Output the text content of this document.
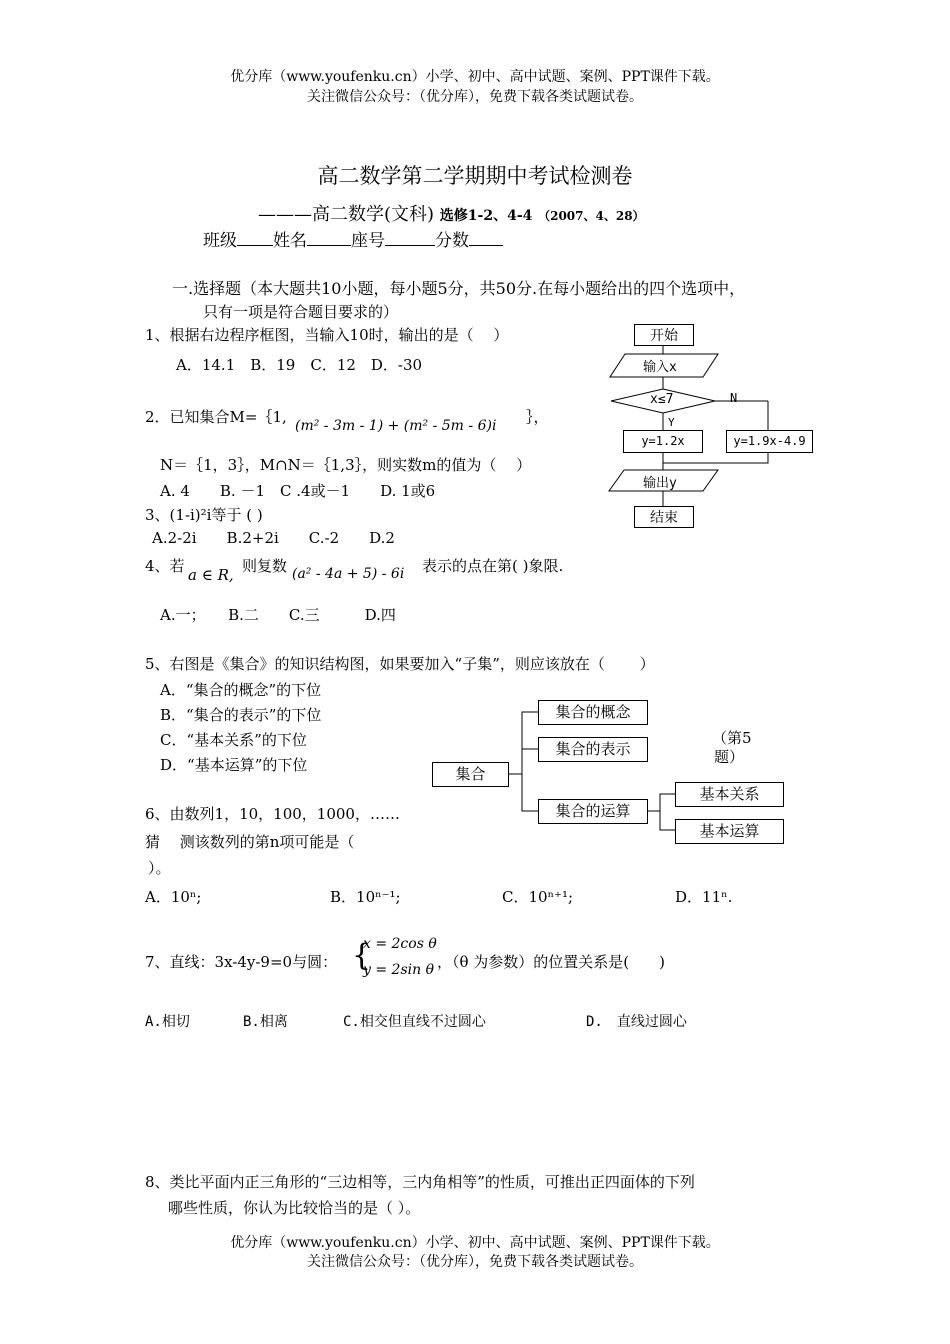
优分库（www.youfenku.cn）小学、初中、高中试题、案例、PPT课件下载。
关注微信公众号：（优分库），免费下载各类试题试卷。
高二数学第二学期期中考试检测卷
———高二数学(文科) 选修1-2、4-4 （2007、4、28）
班级 姓名	座号	分数
一.选择题（本大题共10小题，每小题5分，共50分.在每小题给出的四个选项中，
只有一项是符合题目要求的）
1、根据右边程序框图，当输入10时，输出的是（　 ）
A．14.1　B．19　C．12　D．-30
2．已知集合M=｛1, (m² - 3m - 1) + (m² - 5m - 6)i ｝，
N＝｛1，3｝，M∩N＝｛1,3｝，则实数m的值为（　 ）
A. 4　　B. －1　C .4或－1　　D. 1或6
3、(1-i)²i等于 ( )
A.2-2i　　B.2+2i　　C.-2　　D.2
4、若 a ∈ R, 则复数 (a² - 4a + 5) - 6i 表示的点在第( )象限.
A.一；　　B.二　　C.三　　　D.四
5、右图是《集合》的知识结构图，如果要加入“子集”，则应该放在（　　 ）
A．“集合的概念”的下位
B．“集合的表示”的下位
C．“基本关系”的下位
D．“基本运算”的下位
6、由数列1，10，100，1000，……
猜　 测该数列的第n项可能是（
）。
A．10ⁿ;	B．10ⁿ⁻¹;	C．10ⁿ⁺¹;	D．11ⁿ.
7、直线：3x-4y-9=0与圆： {
x = 2cos θ
y = 2sin θ ，（θ 为参数）的位置关系是(　　)
A.相切	B.相离	C.相交但直线不过圆心	D.　直线过圆心
8、类比平面内正三角形的“三边相等，三内角相等”的性质，可推出正四面体的下列
哪些性质，你认为比较恰当的是（ ）。
开始
输入x
x≤7
Y
N
y=1.2x	y=1.9x-4.9
输出y
结束
集合
集合的概念
集合的表示
集合的运算
基本关系
基本运算
（第5
题）
优分库（www.youfenku.cn）小学、初中、高中试题、案例、PPT课件下载。
关注微信公众号：（优分库），免费下载各类试题试卷。
